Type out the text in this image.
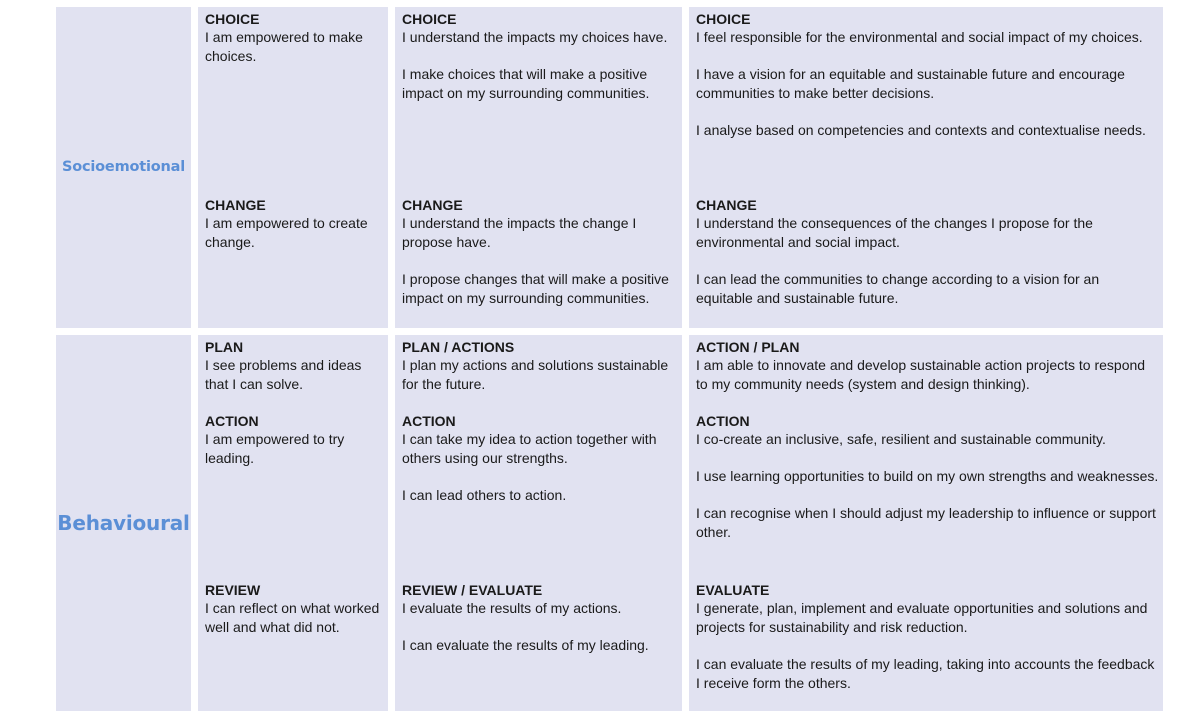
Socioemotional
CHOICE

I am empowered to make choices.

CHANGE

I am empowered to create change.

CHOICE

I understand the impacts my choices have.

I make choices that will make a positive impact on my surrounding communities.

CHANGE

I understand the impacts the change I propose have.

I propose changes that will make a positive impact on my surrounding communities.

CHOICE

I feel responsible for the environmental and social impact of my choices.

I have a vision for an equitable and sustainable future and encourage communities to make better decisions.

I analyse based on competencies and contexts and contextualise needs.

CHANGE

I understand the consequences of the changes I propose for the environmental and social impact.

I can lead the communities to change according to a vision for an equitable and sustainable future.

Behavioural
PLAN

I see problems and ideas that I can solve.

ACTION

I am empowered to try leading.

REVIEW

I can reflect on what worked well and what did not.

PLAN / ACTIONS

I plan my actions and solutions sustainable for the future.

ACTION

I can take my idea to action together with others using our strengths.

I can lead others to action.

REVIEW / EVALUATE

I evaluate the results of my actions.

I can evaluate the results of my leading.

ACTION / PLAN

I am able to innovate and develop sustainable action projects to respond to my community needs (system and design thinking).

ACTION

I co-create an inclusive, safe, resilient and sustainable community.

I use learning opportunities to build on my own strengths and weaknesses.

I can recognise when I should adjust my leadership to influence or support other.

EVALUATE

I generate, plan, implement and evaluate opportunities and solutions and projects for sustainability and risk reduction.

I can evaluate the results of my leading, taking into accounts the feedback I receive form the others.
